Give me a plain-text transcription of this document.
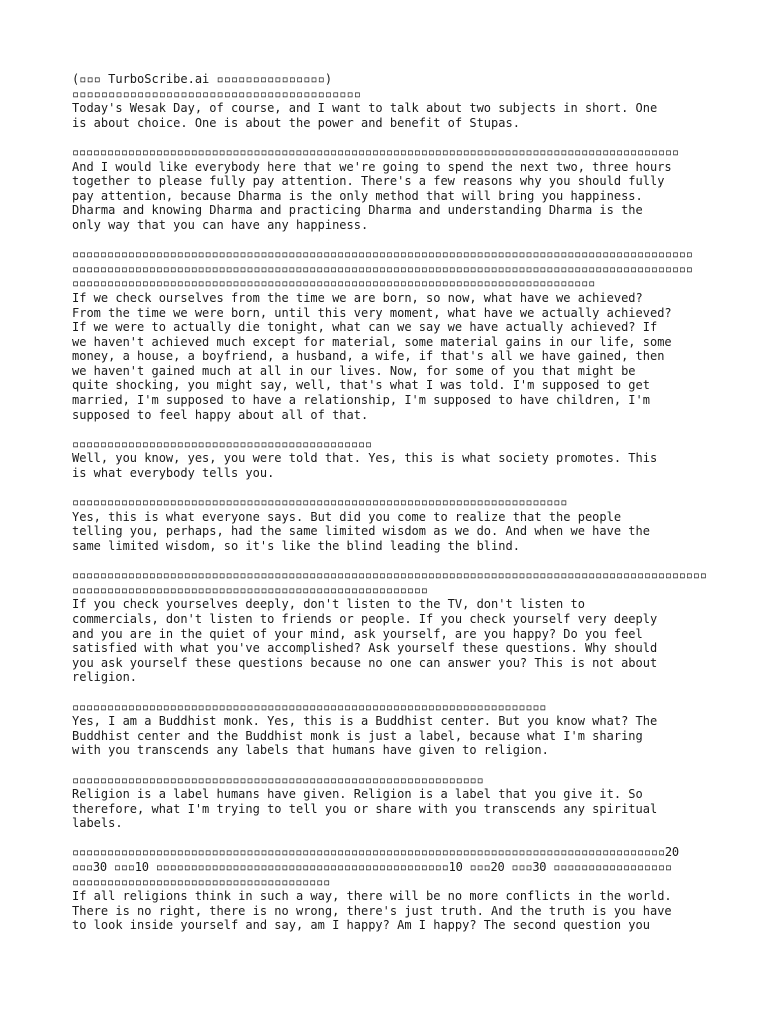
(▫▫▫ TurboScribe.ai ▫▫▫▫▫▫▫▫▫▫▫▫▫▫▫)

▫▫▫▫▫▫▫▫▫▫▫▫▫▫▫▫▫▫▫▫▫▫▫▫▫▫▫▫▫▫▫▫▫▫▫▫▫▫▫▫

Today's Wesak Day, of course, and I want to talk about two subjects in short. One
is about choice. One is about the power and benefit of Stupas.

▫▫▫▫▫▫▫▫▫▫▫▫▫▫▫▫▫▫▫▫▫▫▫▫▫▫▫▫▫▫▫▫▫▫▫▫▫▫▫▫▫▫▫▫▫▫▫▫▫▫▫▫▫▫▫▫▫▫▫▫▫▫▫▫▫▫▫▫▫▫▫▫▫▫▫▫▫▫▫▫▫▫▫▫▫▫▫

And I would like everybody here that we're going to spend the next two, three hours
together to please fully pay attention. There's a few reasons why you should fully
pay attention, because Dharma is the only method that will bring you happiness.
Dharma and knowing Dharma and practicing Dharma and understanding Dharma is the
only way that you can have any happiness.

▫▫▫▫▫▫▫▫▫▫▫▫▫▫▫▫▫▫▫▫▫▫▫▫▫▫▫▫▫▫▫▫▫▫▫▫▫▫▫▫▫▫▫▫▫▫▫▫▫▫▫▫▫▫▫▫▫▫▫▫▫▫▫▫▫▫▫▫▫▫▫▫▫▫▫▫▫▫▫▫▫▫▫▫▫▫▫▫▫

▫▫▫▫▫▫▫▫▫▫▫▫▫▫▫▫▫▫▫▫▫▫▫▫▫▫▫▫▫▫▫▫▫▫▫▫▫▫▫▫▫▫▫▫▫▫▫▫▫▫▫▫▫▫▫▫▫▫▫▫▫▫▫▫▫▫▫▫▫▫▫▫▫▫▫▫▫▫▫▫▫▫▫▫▫▫▫▫▫

▫▫▫▫▫▫▫▫▫▫▫▫▫▫▫▫▫▫▫▫▫▫▫▫▫▫▫▫▫▫▫▫▫▫▫▫▫▫▫▫▫▫▫▫▫▫▫▫▫▫▫▫▫▫▫▫▫▫▫▫▫▫▫▫▫▫▫▫▫▫▫▫▫▫▫

If we check ourselves from the time we are born, so now, what have we achieved?
From the time we were born, until this very moment, what have we actually achieved?
If we were to actually die tonight, what can we say we have actually achieved? If
we haven't achieved much except for material, some material gains in our life, some
money, a house, a boyfriend, a husband, a wife, if that's all we have gained, then
we haven't gained much at all in our lives. Now, for some of you that might be
quite shocking, you might say, well, that's what I was told. I'm supposed to get
married, I'm supposed to have a relationship, I'm supposed to have children, I'm
supposed to feel happy about all of that.

▫▫▫▫▫▫▫▫▫▫▫▫▫▫▫▫▫▫▫▫▫▫▫▫▫▫▫▫▫▫▫▫▫▫▫▫▫▫▫▫▫▫▫

Well, you know, yes, you were told that. Yes, this is what society promotes. This
is what everybody tells you.

▫▫▫▫▫▫▫▫▫▫▫▫▫▫▫▫▫▫▫▫▫▫▫▫▫▫▫▫▫▫▫▫▫▫▫▫▫▫▫▫▫▫▫▫▫▫▫▫▫▫▫▫▫▫▫▫▫▫▫▫▫▫▫▫▫▫▫▫▫▫▫

Yes, this is what everyone says. But did you come to realize that the people
telling you, perhaps, had the same limited wisdom as we do. And when we have the
same limited wisdom, so it's like the blind leading the blind.

▫▫▫▫▫▫▫▫▫▫▫▫▫▫▫▫▫▫▫▫▫▫▫▫▫▫▫▫▫▫▫▫▫▫▫▫▫▫▫▫▫▫▫▫▫▫▫▫▫▫▫▫▫▫▫▫▫▫▫▫▫▫▫▫▫▫▫▫▫▫▫▫▫▫▫▫▫▫▫▫▫▫▫▫▫▫▫▫▫▫▫

▫▫▫▫▫▫▫▫▫▫▫▫▫▫▫▫▫▫▫▫▫▫▫▫▫▫▫▫▫▫▫▫▫▫▫▫▫▫▫▫▫▫▫▫▫▫▫▫▫▫▫

If you check yourselves deeply, don't listen to the TV, don't listen to
commercials, don't listen to friends or people. If you check yourself very deeply
and you are in the quiet of your mind, ask yourself, are you happy? Do you feel
satisfied with what you've accomplished? Ask yourself these questions. Why should
you ask yourself these questions because no one can answer you? This is not about
religion.

▫▫▫▫▫▫▫▫▫▫▫▫▫▫▫▫▫▫▫▫▫▫▫▫▫▫▫▫▫▫▫▫▫▫▫▫▫▫▫▫▫▫▫▫▫▫▫▫▫▫▫▫▫▫▫▫▫▫▫▫▫▫▫▫▫▫▫▫

Yes, I am a Buddhist monk. Yes, this is a Buddhist center. But you know what? The
Buddhist center and the Buddhist monk is just a label, because what I'm sharing
with you transcends any labels that humans have given to religion.

▫▫▫▫▫▫▫▫▫▫▫▫▫▫▫▫▫▫▫▫▫▫▫▫▫▫▫▫▫▫▫▫▫▫▫▫▫▫▫▫▫▫▫▫▫▫▫▫▫▫▫▫▫▫▫▫▫▫▫

Religion is a label humans have given. Religion is a label that you give it. So
therefore, what I'm trying to tell you or share with you transcends any spiritual
labels.

▫▫▫▫▫▫▫▫▫▫▫▫▫▫▫▫▫▫▫▫▫▫▫▫▫▫▫▫▫▫▫▫▫▫▫▫▫▫▫▫▫▫▫▫▫▫▫▫▫▫▫▫▫▫▫▫▫▫▫▫▫▫▫▫▫▫▫▫▫▫▫▫▫▫▫▫▫▫▫▫▫▫▫▫▫20

▫▫▫30 ▫▫▫10 ▫▫▫▫▫▫▫▫▫▫▫▫▫▫▫▫▫▫▫▫▫▫▫▫▫▫▫▫▫▫▫▫▫▫▫▫▫▫▫▫▫▫10 ▫▫▫20 ▫▫▫30 ▫▫▫▫▫▫▫▫▫▫▫▫▫▫▫▫▫

▫▫▫▫▫▫▫▫▫▫▫▫▫▫▫▫▫▫▫▫▫▫▫▫▫▫▫▫▫▫▫▫▫▫▫▫▫

If all religions think in such a way, there will be no more conflicts in the world.
There is no right, there is no wrong, there's just truth. And the truth is you have
to look inside yourself and say, am I happy? Am I happy? The second question you
